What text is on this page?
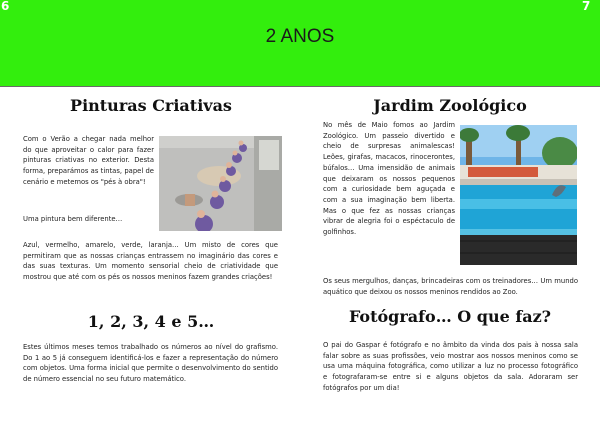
6	7
2 ANOS
Pinturas Criativas

Com o Verão a chegar nada melhor do que aproveitar o calor para fazer pinturas criativas no exterior. Desta forma, preparámos as tintas, papel de cenário e metemos os "pés à obra"!

Uma pintura bem diferente…

Azul, vermelho, amarelo, verde, laranja… Um misto de cores que permitiram que as nossas crianças entrassem no imaginário das cores e das suas texturas. Um momento sensorial cheio de criatividade que mostrou que até com os pés os nossos meninos fazem grandes criações!

1, 2, 3, 4 e 5…

Estes últimos meses temos trabalhado os números ao nível do grafismo. Do 1 ao 5 já conseguem identificá-los e fazer a representação do número com objetos. Uma forma inicial que permite o desenvolvimento do sentido de número essencial no seu futuro matemático.

Jardim Zoológico

No mês de Maio fomos ao Jardim Zoológico. Um passeio divertido e cheio de surpresas animalescas! Leões, girafas, macacos, rinocerontes, búfalos… Uma imensidão de animais que deixaram os nossos pequenos com a curiosidade bem aguçada e com a sua imaginação bem liberta. Mas o que fez as nossas crianças vibrar de alegria foi o espéctaculo de golfinhos.

Os seus mergulhos, danças, brincadeiras com os treinadores… Um mundo aquático que deixou os nossos meninos rendidos ao Zoo.

Fotógrafo… O que faz?

O pai do Gaspar é fotógrafo e no âmbito da vinda dos pais à nossa sala falar sobre as suas profissões, veio mostrar aos nossos meninos como se usa uma máquina fotográfica, como utilizar a luz no processo fotográfico e fotografaram-se entre si e alguns objetos da sala. Adoraram ser fotógrafos por um dia!
